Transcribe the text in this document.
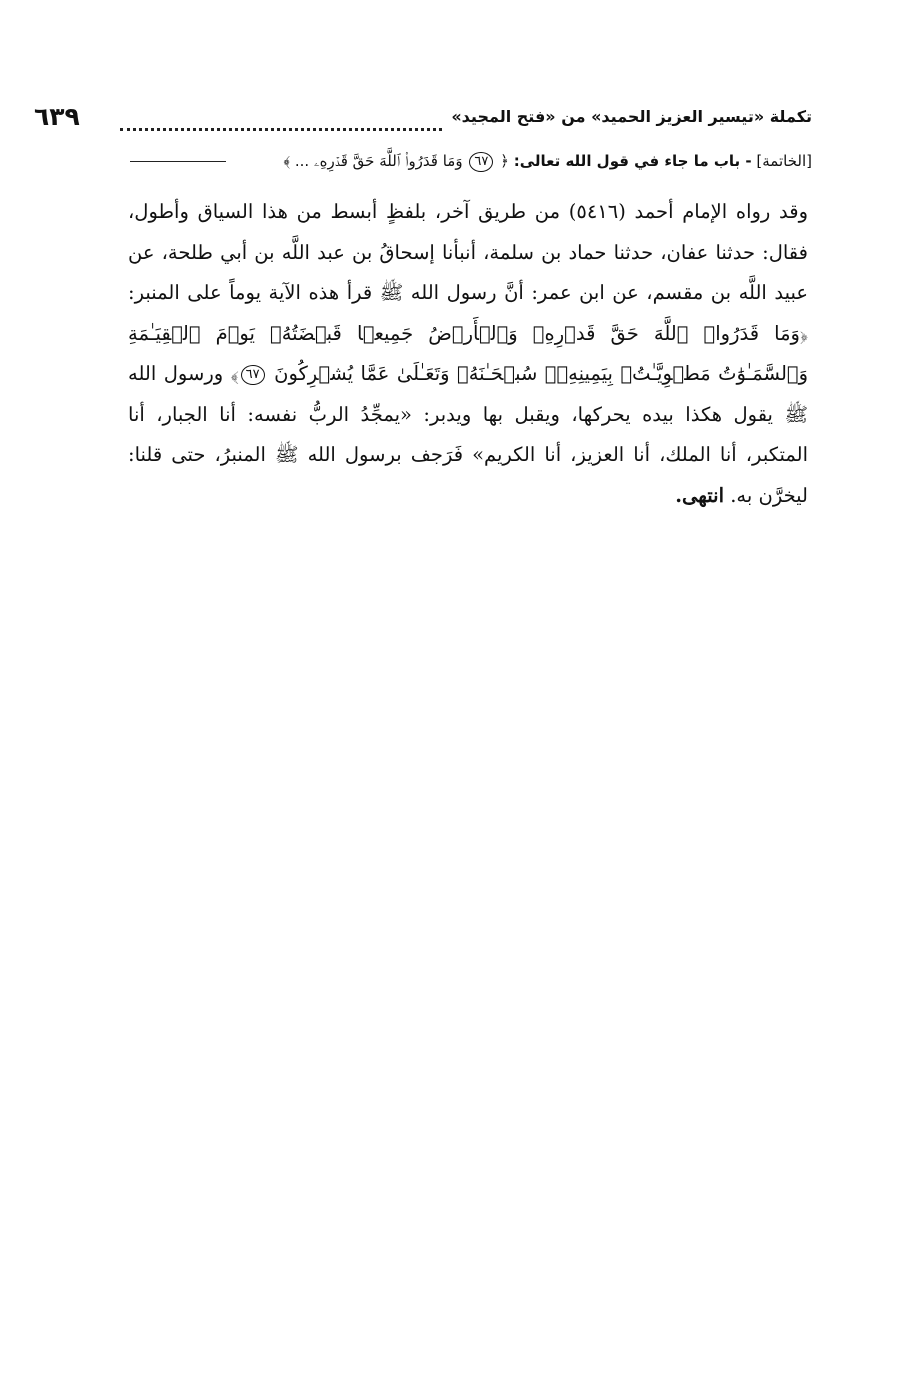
٦٣٩	تكملة «تيسير العزيز الحميد» من «فتح المجيد»
[الخاتمة] - باب ما جاء في قول الله تعالى: ﴿ ٦٧ وَمَا قَدَرُوا۟ ٱللَّهَ حَقَّ قَدۡرِهِۦ ... ﴾
وقد رواه الإمام أحمد (٥٤١٦) من طريق آخر، بلفظٍ أبسط من هذا السياق وأطول، فقال: حدثنا عفان، حدثنا حماد بن سلمة، أنبأنا إسحاقُ بن عبد اللَّه بن أبي طلحة، عن عبيد اللَّه بن مقسم، عن ابن عمر: أنَّ رسول الله ﷺ قرأ هذه الآية يوماً على المنبر: ﴿وَمَا قَدَرُوا۟ ٱللَّهَ حَقَّ قَدۡرِهِۦ وَٱلۡأَرۡضُ جَمِيعࣰا قَبۡضَتُهُۥ يَوۡمَ ٱلۡقِيَـٰمَةِ وَٱلسَّمَـٰوَٰتُ مَطۡوِيَّـٰتُۢ بِيَمِينِهِۦۚ سُبۡحَـٰنَهُۥ وَتَعَـٰلَىٰ عَمَّا يُشۡرِكُونَ ٦٧﴾ ورسول الله ﷺ يقول هكذا بيده يحركها، ويقبل بها ويدبر: «يمجِّدُ الربُّ نفسه: أنا الجبار، أنا المتكبر، أنا الملك، أنا العزيز، أنا الكريم» فَرَجف برسول الله ﷺ المنبرُ، حتى قلنا: ليخرَّن به. انتهى.
